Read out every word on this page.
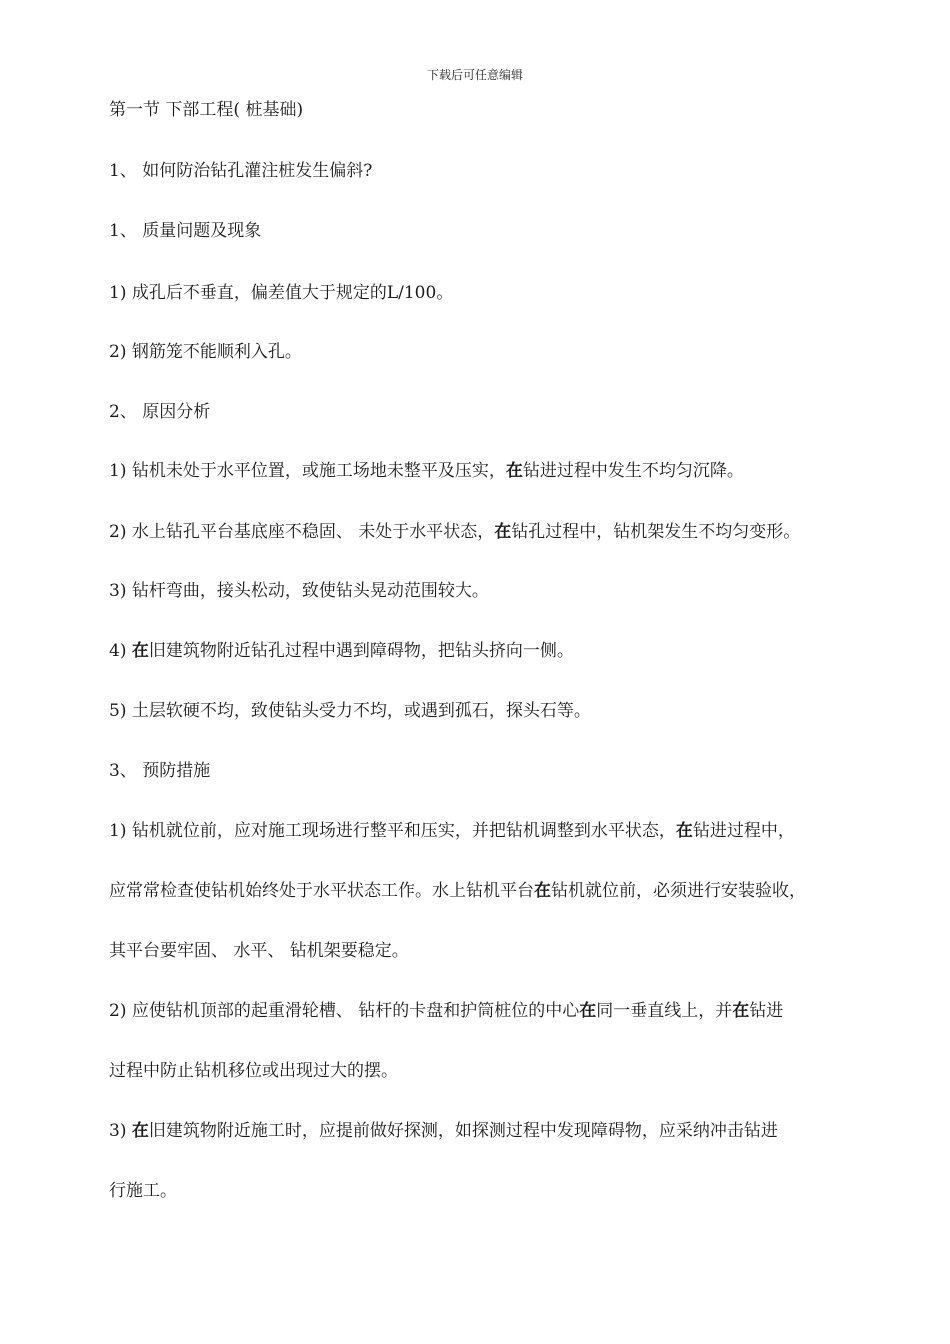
下载后可任意编辑
第一节 下部工程( 桩基础)
1、 如何防治钻孔灌注桩发生偏斜?
1、 质量问题及现象
1) 成孔后不垂直，偏差值大于规定的L/100。
2) 钢筋笼不能顺利入孔。
2、 原因分析
1) 钻机未处于水平位置，或施工场地未整平及压实，在钻进过程中发生不均匀沉降。
2) 水上钻孔平台基底座不稳固、 未处于水平状态，在钻孔过程中，钻机架发生不均匀变形。
3) 钻杆弯曲，接头松动，致使钻头晃动范围较大。
4) 在旧建筑物附近钻孔过程中遇到障碍物，把钻头挤向一侧。
5) 土层软硬不均，致使钻头受力不均，或遇到孤石，探头石等。
3、 预防措施
1) 钻机就位前，应对施工现场进行整平和压实，并把钻机调整到水平状态，在钻进过程中，
应常常检查使钻机始终处于水平状态工作。水上钻机平台在钻机就位前，必须进行安装验收，
其平台要牢固、 水平、 钻机架要稳定。
2) 应使钻机顶部的起重滑轮槽、 钻杆的卡盘和护筒桩位的中心在同一垂直线上，并在钻进
过程中防止钻机移位或出现过大的摆。
3) 在旧建筑物附近施工时，应提前做好探测，如探测过程中发现障碍物，应采纳冲击钻进
行施工。
